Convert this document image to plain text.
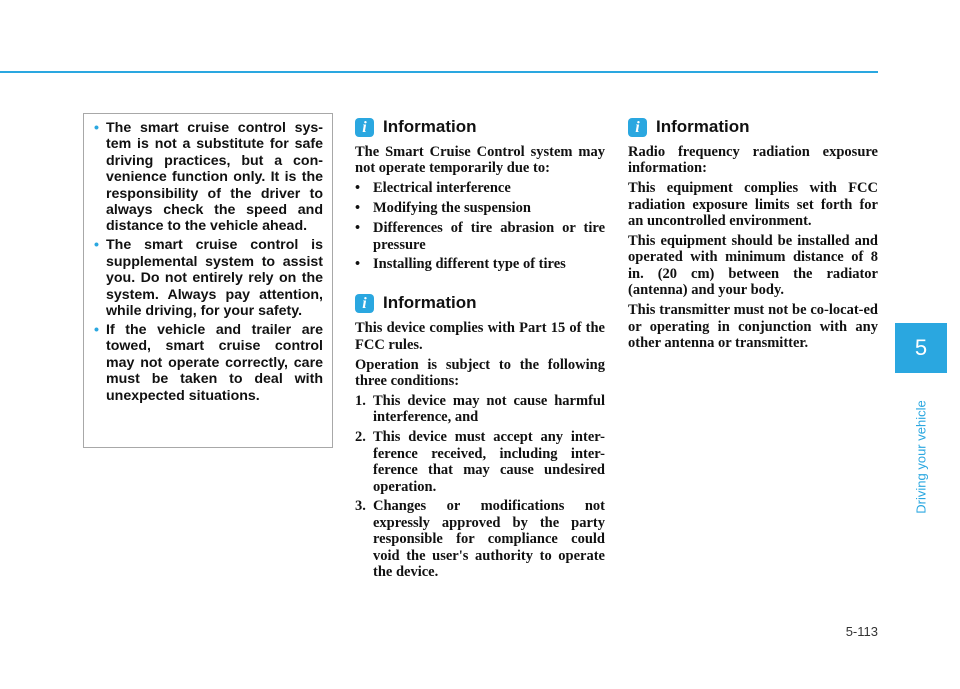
• The smart cruise control sys-tem is not a substitute for safe driving practices, but a con-venience function only. It is the responsibility of the driver to always check the speed and distance to the vehicle ahead.
• The smart cruise control is supplemental system to assist you. Do not entirely rely on the system. Always pay attention, while driving, for your safety.
• If the vehicle and trailer are towed, smart cruise control may not operate correctly, care must be taken to deal with unexpected situations.
i Information

The Smart Cruise Control system may not operate temporarily due to:

• Electrical interference
• Modifying the suspension
• Differences of tire abrasion or tire pressure
• Installing different type of tires
i Information

This device complies with Part 15 of the FCC rules.

Operation is subject to the following three conditions:

1. This device may not cause harmful interference, and
2. This device must accept any inter-ference received, including inter-ference that may cause undesired operation.
3. Changes or modifications not expressly approved by the party responsible for compliance could void the user's authority to operate the device.
i Information

Radio frequency radiation exposure information:

This equipment complies with FCC radiation exposure limits set forth for an uncontrolled environment.

This equipment should be installed and operated with minimum distance of 8 in. (20 cm) between the radiator (antenna) and your body.

This transmitter must not be co-locat-ed or operating in conjunction with any other antenna or transmitter.	5
Driving your vehicle
5-113
